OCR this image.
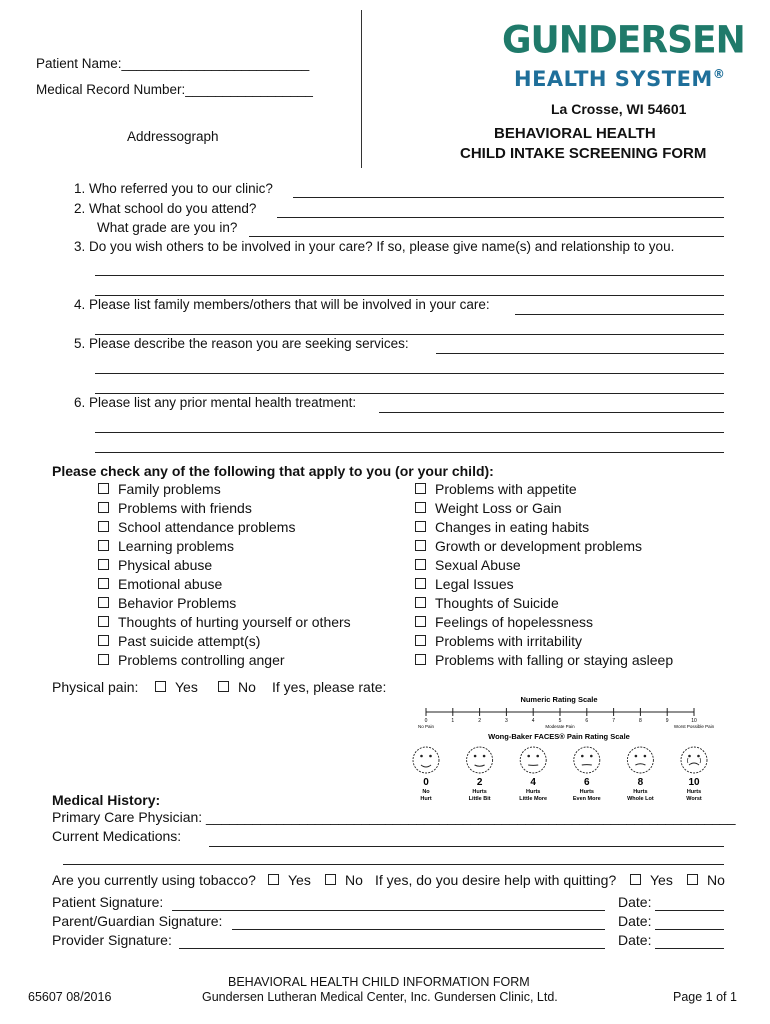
Patient Name:_________________________
Medical Record Number:_________________
Addressograph
GUNDERSEN
HEALTH SYSTEM®
La Crosse, WI 54601
BEHAVIORAL HEALTH
CHILD INTAKE SCREENING FORM
1. Who referred you to our clinic?
2. What school do you attend?
What grade are you in?
3. Do you wish others to be involved in your care? If so, please give name(s) and relationship to you.
4. Please list family members/others that will be involved in your care:
5. Please describe the reason you are seeking services:
6. Please list any prior mental health treatment:
Please check any of the following that apply to you (or your child):
Family problems
Problems with friends
School attendance problems
Learning problems
Physical abuse
Emotional abuse
Behavior Problems
Thoughts of hurting yourself or others
Past suicide attempt(s)
Problems controlling anger
Problems with appetite
Weight Loss or Gain
Changes in eating habits
Growth or development problems
Sexual Abuse
Legal Issues
Thoughts of Suicide
Feelings of hopelessness
Problems with irritability
Problems with falling or staying asleep
Physical pain:	Yes	No If yes, please rate:
Numeric Rating Scale
0	1	2	3	4	5	6	7	8	9	10
No Pain	Moderate Pain	Worst Possible Pain
Wong-Baker FACES® Pain Rating Scale
0
No
Hurt
2
Hurts
Little Bit
4
Hurts
Little More
6
Hurts
Even More
8
Hurts
Whole Lot
10
Hurts
Worst
Medical History:
Primary Care Physician: ____________________________________________________________________
Current Medications:
Are you currently using tobacco?	Yes	No If yes, do you desire help with quitting?	Yes	No
Patient Signature:	Date:
Parent/Guardian Signature:	Date:
Provider Signature:	Date:
65607 08/2016
BEHAVIORAL HEALTH CHILD INFORMATION FORM
Gundersen Lutheran Medical Center, Inc. Gundersen Clinic, Ltd.	Page 1 of 1
